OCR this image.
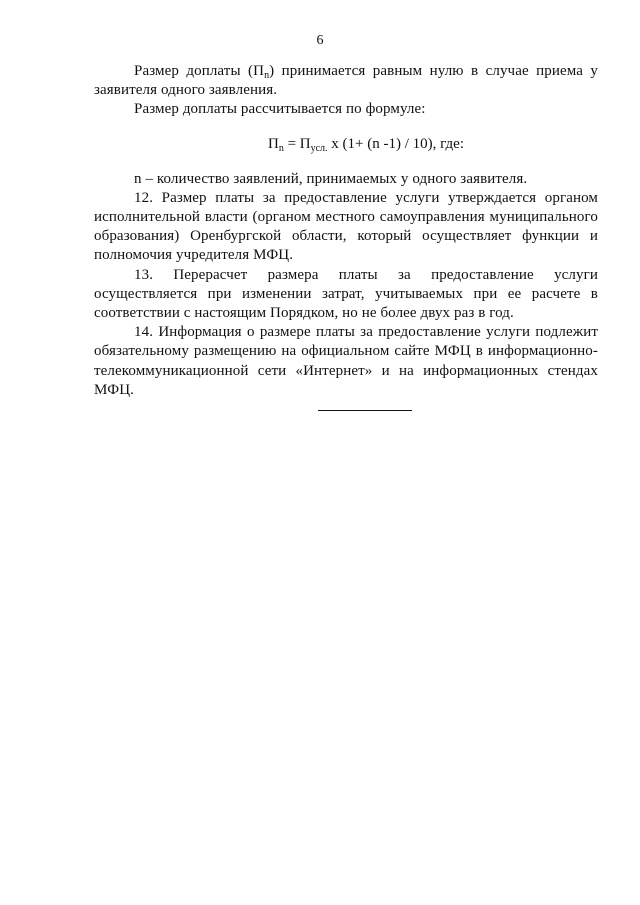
6

Размер доплаты $(П_n)$ принимается равным нулю в случае приема у заявителя одного заявления.

Размер доплаты рассчитывается по формуле:

$П_n = П_{усл.}$ х (1+ (n -1) / 10), где:

n – количество заявлений, принимаемых у одного заявителя.

12. Размер платы за предоставление услуги утверждается органом исполнительной власти (органом местного самоуправления муниципального образования) Оренбургской области, который осуществляет функции и полномочия учредителя МФЦ.

13. Перерасчет размера платы за предоставление услуги осуществляется при изменении затрат, учитываемых при ее расчете в соответствии с настоящим Порядком, но не более двух раз в год.

14. Информация о размере платы за предоставление услуги подлежит обязательному размещению на официальном сайте МФЦ в информационно-телекоммуникационной сети «Интернет» и на информационных стендах МФЦ.
